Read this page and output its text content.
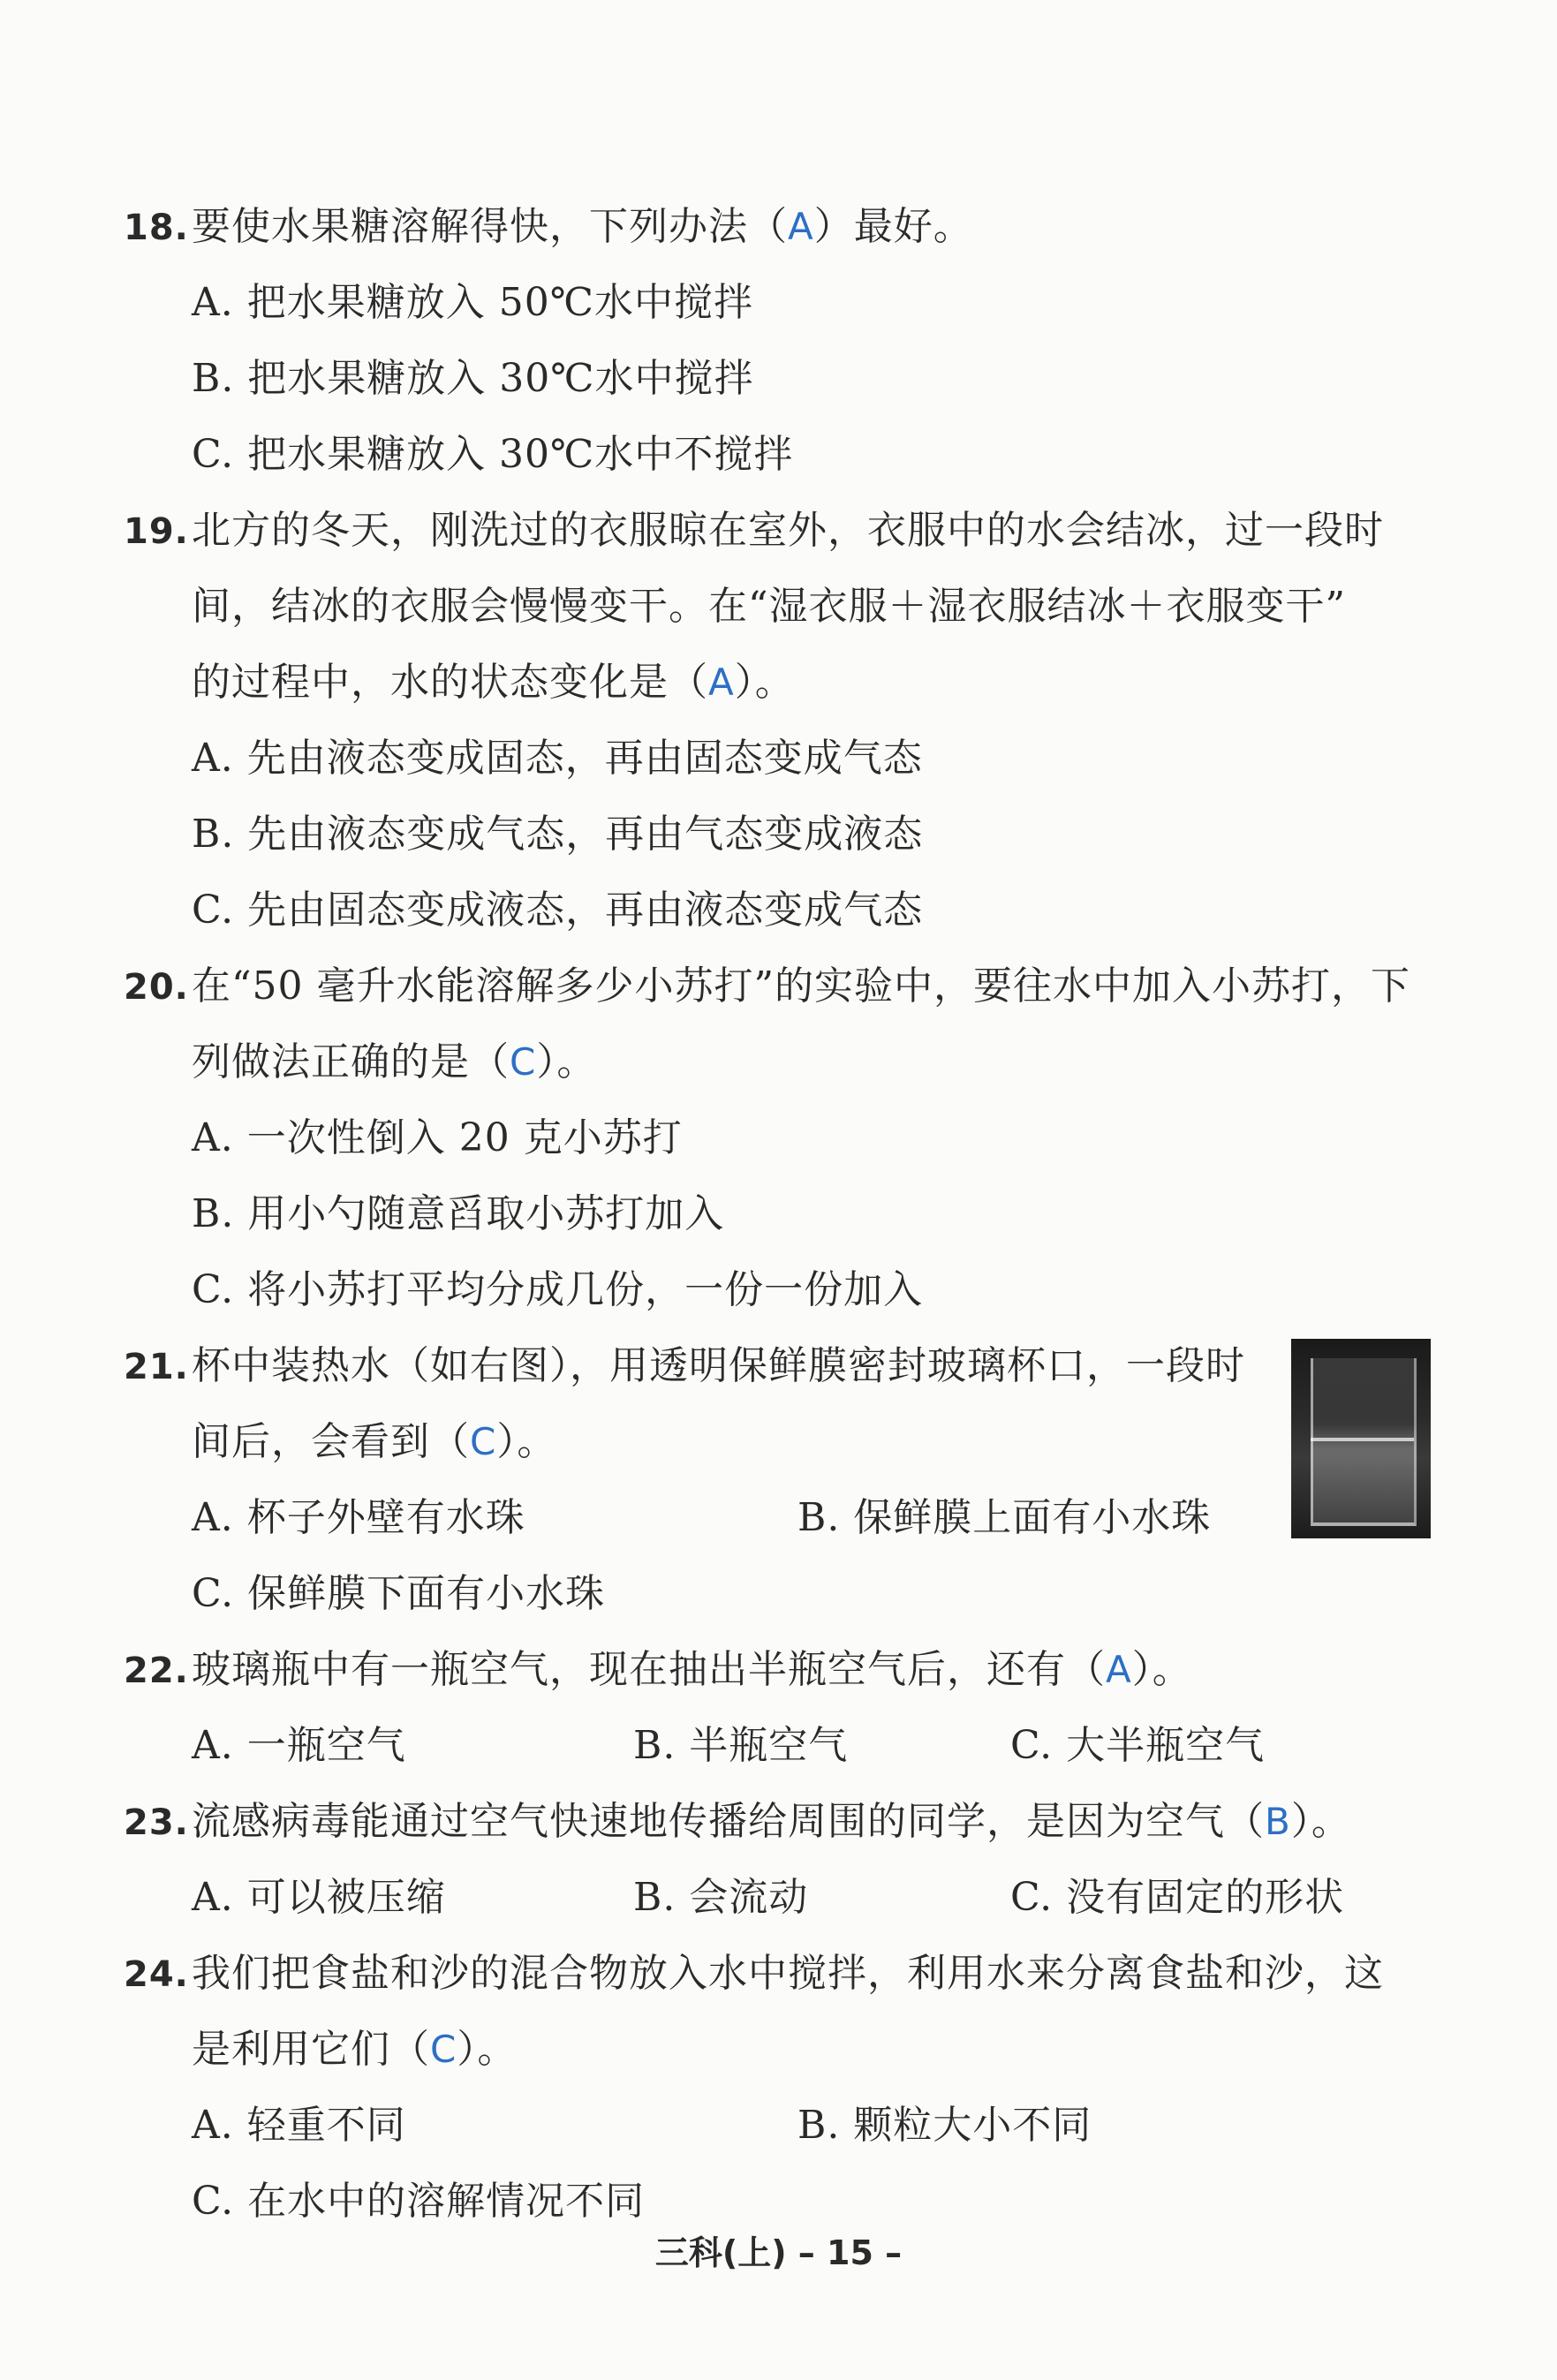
18.要使水果糖溶解得快，下列办法（A）最好。
A. 把水果糖放入 50℃水中搅拌
B. 把水果糖放入 30℃水中搅拌
C. 把水果糖放入 30℃水中不搅拌
19.北方的冬天，刚洗过的衣服晾在室外，衣服中的水会结冰，过一段时
间，结冰的衣服会慢慢变干。在“湿衣服＋湿衣服结冰＋衣服变干”
的过程中，水的状态变化是（A）。
A. 先由液态变成固态，再由固态变成气态
B. 先由液态变成气态，再由气态变成液态
C. 先由固态变成液态，再由液态变成气态
20.在“50 毫升水能溶解多少小苏打”的实验中，要往水中加入小苏打，下
列做法正确的是（C）。
A. 一次性倒入 20 克小苏打
B. 用小勺随意舀取小苏打加入
C. 将小苏打平均分成几份，一份一份加入
21.杯中装热水（如右图），用透明保鲜膜密封玻璃杯口，一段时
间后，会看到（C）。
A. 杯子外壁有水珠	B. 保鲜膜上面有小水珠
C. 保鲜膜下面有小水珠
22.玻璃瓶中有一瓶空气，现在抽出半瓶空气后，还有（A）。
A. 一瓶空气	B. 半瓶空气	C. 大半瓶空气
23.流感病毒能通过空气快速地传播给周围的同学，是因为空气（B）。
A. 可以被压缩	B. 会流动	C. 没有固定的形状
24.我们把食盐和沙的混合物放入水中搅拌，利用水来分离食盐和沙，这
是利用它们（C）。
A. 轻重不同	B. 颗粒大小不同
C. 在水中的溶解情况不同
三科(上) – 15 –
